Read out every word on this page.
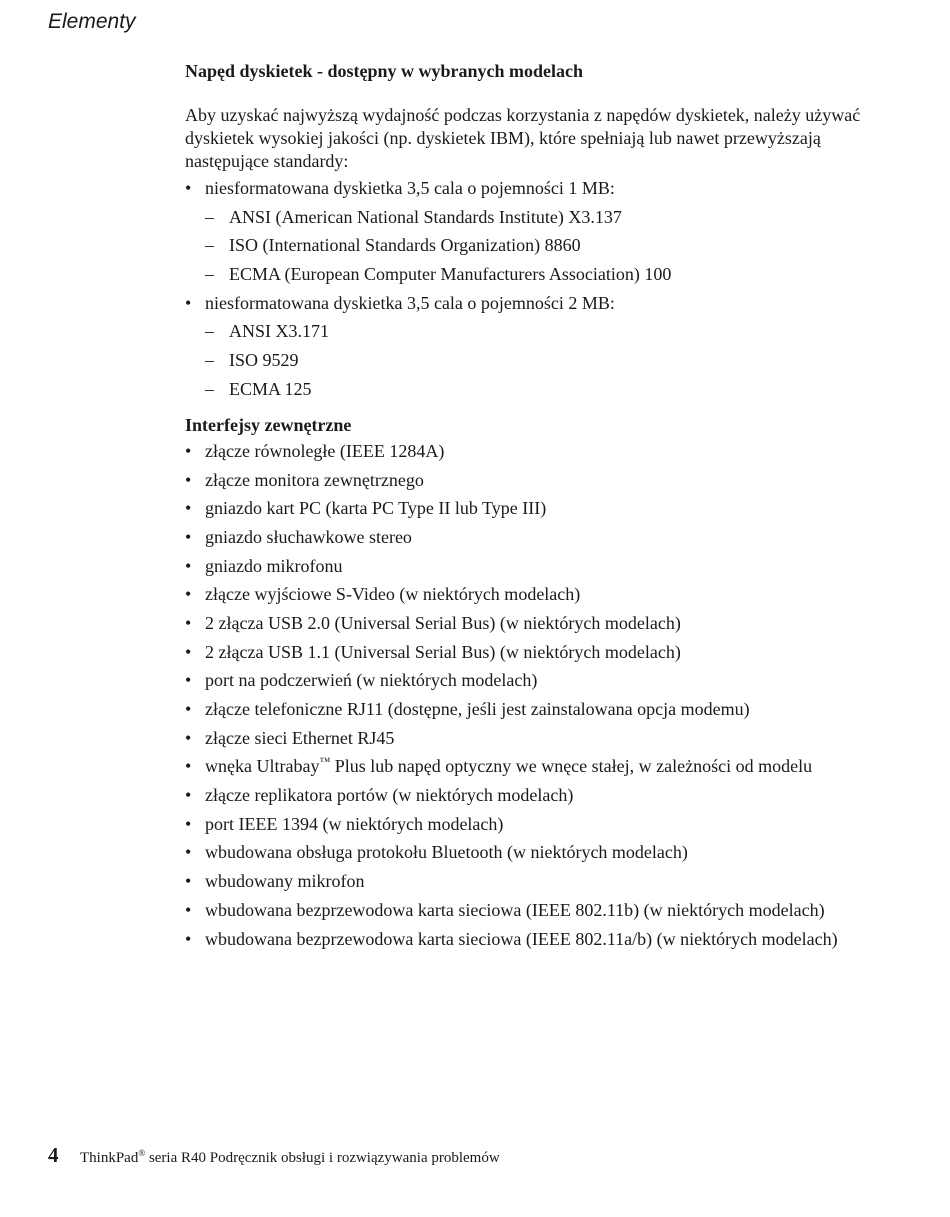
Elementy
Napęd dyskietek - dostępny w wybranych modelach

Aby uzyskać najwyższą wydajność podczas korzystania z napędów dyskietek, należy używać dyskietek wysokiej jakości (np. dyskietek IBM), które spełniają lub nawet przewyższają następujące standardy:

• niesformatowana dyskietka 3,5 cala o pojemności 1 MB:
– ANSI (American National Standards Institute) X3.137
– ISO (International Standards Organization) 8860
– ECMA (European Computer Manufacturers Association) 100
• niesformatowana dyskietka 3,5 cala o pojemności 2 MB:
– ANSI X3.171
– ISO 9529
– ECMA 125
Interfejsy zewnętrzne
• złącze równoległe (IEEE 1284A)
• złącze monitora zewnętrznego
• gniazdo kart PC (karta PC Type II lub Type III)
• gniazdo słuchawkowe stereo
• gniazdo mikrofonu
• złącze wyjściowe S-Video (w niektórych modelach)
• 2 złącza USB 2.0 (Universal Serial Bus) (w niektórych modelach)
• 2 złącza USB 1.1 (Universal Serial Bus) (w niektórych modelach)
• port na podczerwień (w niektórych modelach)
• złącze telefoniczne RJ11 (dostępne, jeśli jest zainstalowana opcja modemu)
• złącze sieci Ethernet RJ45
• wnęka Ultrabay™ Plus lub napęd optyczny we wnęce stałej, w zależności od modelu
• złącze replikatora portów (w niektórych modelach)
• port IEEE 1394 (w niektórych modelach)
• wbudowana obsługa protokołu Bluetooth (w niektórych modelach)
• wbudowany mikrofon
• wbudowana bezprzewodowa karta sieciowa (IEEE 802.11b) (w niektórych modelach)
• wbudowana bezprzewodowa karta sieciowa (IEEE 802.11a/b) (w niektórych modelach)
4 ThinkPad® seria R40 Podręcznik obsługi i rozwiązywania problemów
